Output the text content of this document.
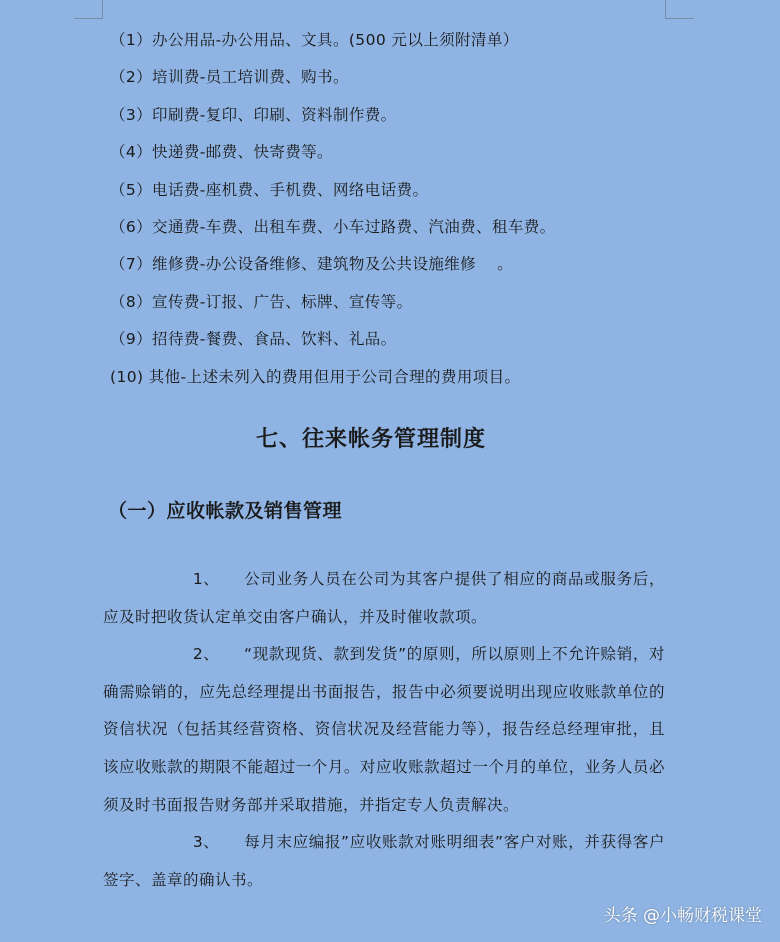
（1）办公用品-办公用品、文具。(500 元以上须附清单）
（2）培训费-员工培训费、购书。
（3）印刷费-复印、印刷、资料制作费。
（4）快递费-邮费、快寄费等。
（5）电话费-座机费、手机费、网络电话费。
（6）交通费-车费、出租车费、小车过路费、汽油费、租车费。
（7）维修费-办公设备维修、建筑物及公共设施维修　 。
（8）宣传费-订报、广告、标牌、宣传等。
（9）招待费-餐费、食品、饮料、礼品。
(10) 其他-上述未列入的费用但用于公司合理的费用项目。
七、往来帐务管理制度
（一）应收帐款及销售管理

1、 公司业务人员在公司为其客户提供了相应的商品或服务后，应及时把收货认定单交由客户确认，并及时催收款项。

2、 “现款现货、款到发货”的原则，所以原则上不允许赊销，对确需赊销的，应先总经理提出书面报告，报告中必须要说明出现应收账款单位的资信状况（包括其经营资格、资信状况及经营能力等），报告经总经理审批，且该应收账款的期限不能超过一个月。对应收账款超过一个月的单位，业务人员必须及时书面报告财务部并采取措施，并指定专人负责解决。

3、 每月末应编报”应收账款对账明细表”客户对账，并获得客户签字、盖章的确认书。

头条 @小畅财税课堂
